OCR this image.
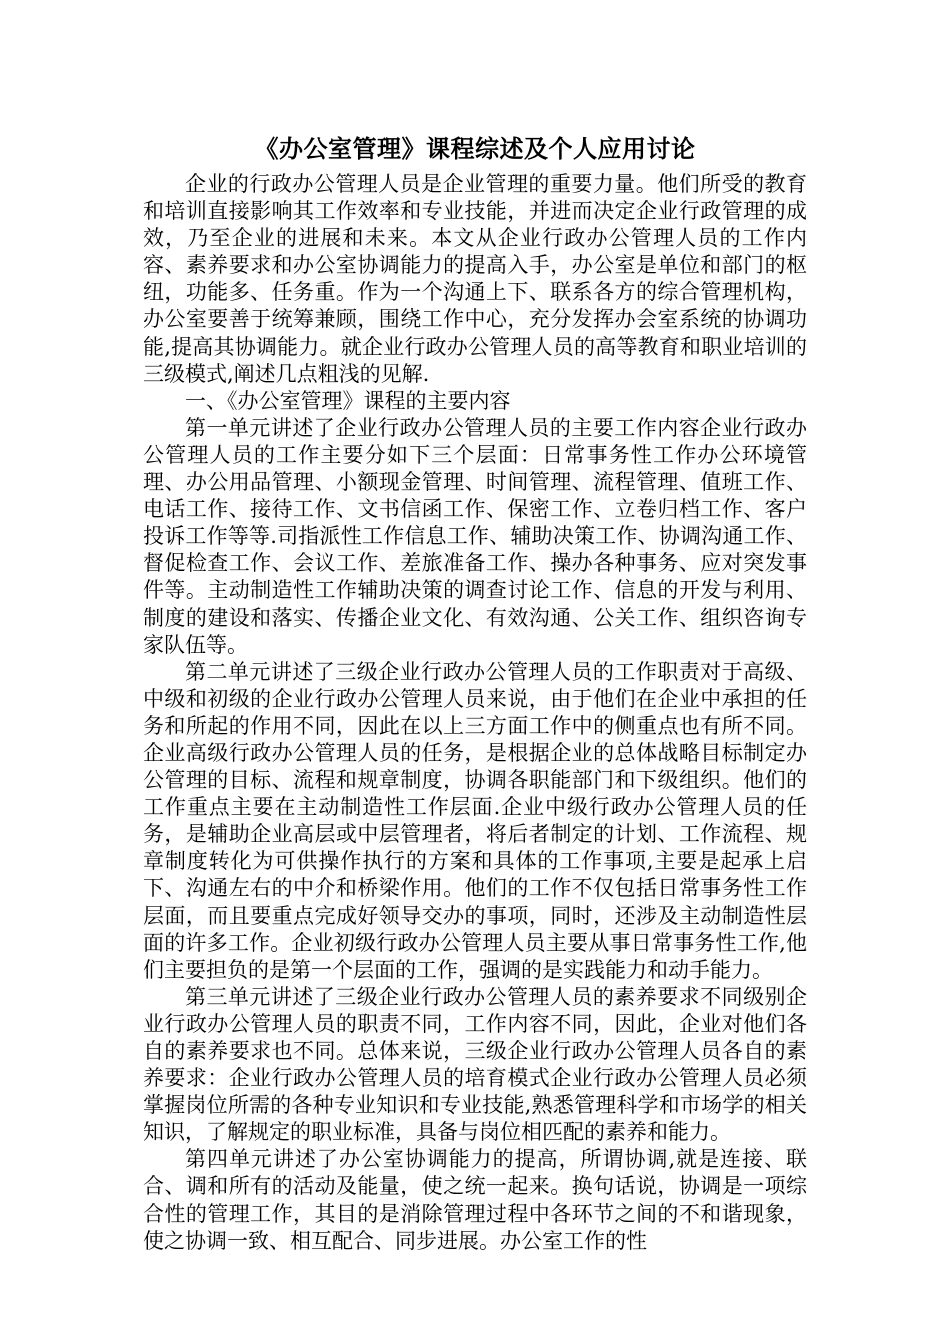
《办公室管理》课程综述及个人应用讨论

企业的行政办公管理人员是企业管理的重要力量。他们所受的教育和培训直接影响其工作效率和专业技能，并进而决定企业行政管理的成效，乃至企业的进展和未来。本文从企业行政办公管理人员的工作内容、素养要求和办公室协调能力的提高入手，办公室是单位和部门的枢纽，功能多、任务重。作为一个沟通上下、联系各方的综合管理机构，办公室要善于统筹兼顾，围绕工作中心，充分发挥办会室系统的协调功能,提高其协调能力。就企业行政办公管理人员的高等教育和职业培训的三级模式,阐述几点粗浅的见解.

一、《办公室管理》课程的主要内容

第一单元讲述了企业行政办公管理人员的主要工作内容企业行政办公管理人员的工作主要分如下三个层面：日常事务性工作办公环境管理、办公用品管理、小额现金管理、时间管理、流程管理、值班工作、电话工作、接待工作、文书信函工作、保密工作、立卷归档工作、客户投诉工作等等.司指派性工作信息工作、辅助决策工作、协调沟通工作、督促检查工作、会议工作、差旅准备工作、操办各种事务、应对突发事件等。主动制造性工作辅助决策的调查讨论工作、信息的开发与利用、制度的建设和落实、传播企业文化、有效沟通、公关工作、组织咨询专家队伍等。

第二单元讲述了三级企业行政办公管理人员的工作职责对于高级、中级和初级的企业行政办公管理人员来说，由于他们在企业中承担的任务和所起的作用不同，因此在以上三方面工作中的侧重点也有所不同。企业高级行政办公管理人员的任务，是根据企业的总体战略目标制定办公管理的目标、流程和规章制度，协调各职能部门和下级组织。他们的工作重点主要在主动制造性工作层面.企业中级行政办公管理人员的任务，是辅助企业高层或中层管理者，将后者制定的计划、工作流程、规章制度转化为可供操作执行的方案和具体的工作事项,主要是起承上启下、沟通左右的中介和桥梁作用。他们的工作不仅包括日常事务性工作层面，而且要重点完成好领导交办的事项，同时，还涉及主动制造性层面的许多工作。企业初级行政办公管理人员主要从事日常事务性工作,他们主要担负的是第一个层面的工作，强调的是实践能力和动手能力。

第三单元讲述了三级企业行政办公管理人员的素养要求不同级别企业行政办公管理人员的职责不同，工作内容不同，因此，企业对他们各自的素养要求也不同。总体来说，三级企业行政办公管理人员各自的素养要求：企业行政办公管理人员的培育模式企业行政办公管理人员必须掌握岗位所需的各种专业知识和专业技能,熟悉管理科学和市场学的相关知识，了解规定的职业标准，具备与岗位相匹配的素养和能力。

第四单元讲述了办公室协调能力的提高，所谓协调,就是连接、联合、调和所有的活动及能量，使之统一起来。换句话说，协调是一项综合性的管理工作，其目的是消除管理过程中各环节之间的不和谐现象，使之协调一致、相互配合、同步进展。办公室工作的性
